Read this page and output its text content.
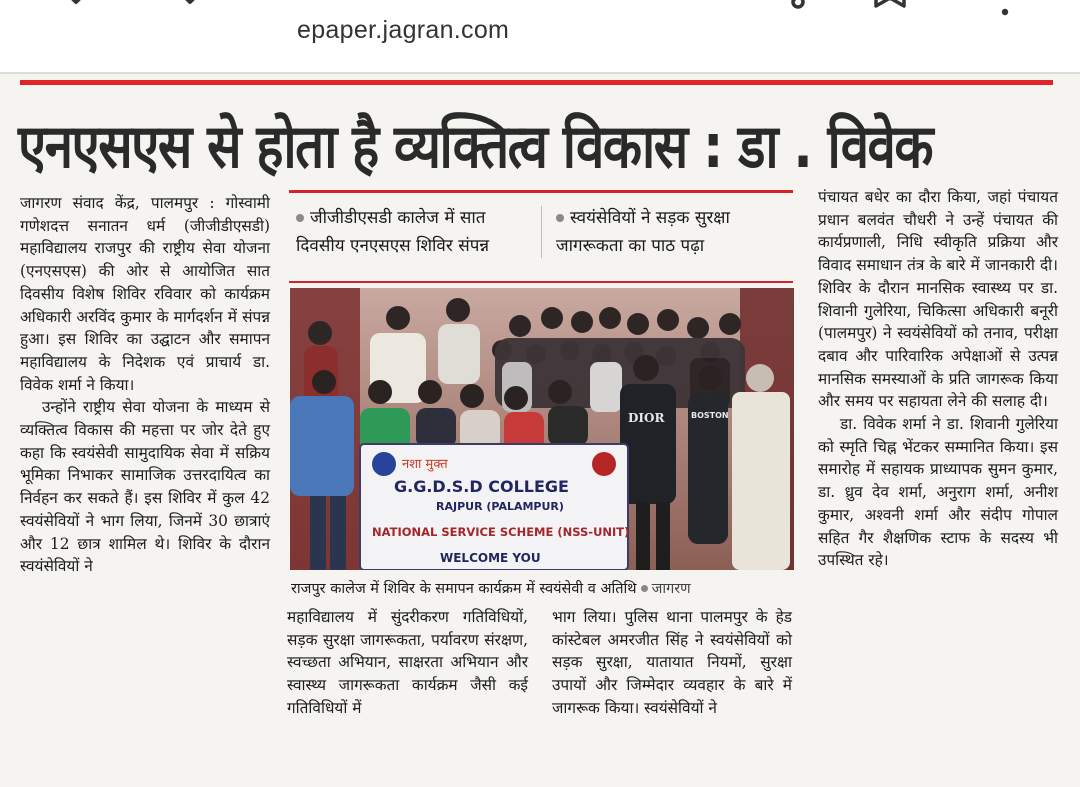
epaper.jagran.com
एनएसएस से होता है व्यक्तित्व विकास : डा . विवेक

जागरण संवाद केंद्र, पालमपुर : गोस्वामी गणेशदत्त सनातन धर्म (जीजीडीएसडी) महाविद्यालय राजपुर की राष्ट्रीय सेवा योजना (एनएसएस) की ओर से आयोजित सात दिवसीय विशेष शिविर रविवार को कार्यक्रम अधिकारी अरविंद कुमार के मार्गदर्शन में संपन्न हुआ। इस शिविर का उद्घाटन और समापन महाविद्यालय के निदेशक एवं प्राचार्य डा. विवेक शर्मा ने किया।

उन्होंने राष्ट्रीय सेवा योजना के माध्यम से व्यक्तित्व विकास की महत्ता पर जोर देते हुए कहा कि स्वयंसेवी सामुदायिक सेवा में सक्रिय भूमिका निभाकर सामाजिक उत्तरदायित्व का निर्वहन कर सकते हैं। इस शिविर में कुल 42 स्वयंसेवियों ने भाग लिया, जिनमें 30 छात्राएं और 12 छात्र शामिल थे। शिविर के दौरान स्वयंसेवियों ने

जीजीडीएसडी कालेज में सात दिवसीय एनएसएस शिविर संपन्न
स्वयंसेवियों ने सड़क सुरक्षा जागरूकता का पाठ पढ़ा
DIOR	BOSTON
नशा मुक्त
G.G.D.S.D COLLEGE
RAJPUR (PALAMPUR)
NATIONAL SERVICE SCHEME (NSS-UNIT)
WELCOME YOU
राजपुर कालेज में शिविर के समापन कार्यक्रम में स्वयंसेवी व अतिथि जागरण

महाविद्यालय में सुंदरीकरण गतिविधियों, सड़क सुरक्षा जागरूकता, पर्यावरण संरक्षण, स्वच्छता अभियान, साक्षरता अभियान और स्वास्थ्य जागरूकता कार्यक्रम जैसी कई गतिविधियों में

भाग लिया। पुलिस थाना पालमपुर के हेड कांस्टेबल अमरजीत सिंह ने स्वयंसेवियों को सड़क सुरक्षा, यातायात नियमों, सुरक्षा उपायों और जिम्मेदार व्यवहार के बारे में जागरूक किया। स्वयंसेवियों ने

पंचायत बधेर का दौरा किया, जहां पंचायत प्रधान बलवंत चौधरी ने उन्हें पंचायत की कार्यप्रणाली, निधि स्वीकृति प्रक्रिया और विवाद समाधान तंत्र के बारे में जानकारी दी। शिविर के दौरान मानसिक स्वास्थ्य पर डा. शिवानी गुलेरिया, चिकित्सा अधिकारी बनूरी (पालमपुर) ने स्वयंसेवियों को तनाव, परीक्षा दबाव और पारिवारिक अपेक्षाओं से उत्पन्न मानसिक समस्याओं के प्रति जागरूक किया और समय पर सहायता लेने की सलाह दी।

डा. विवेक शर्मा ने डा. शिवानी गुलेरिया को स्मृति चिह्न भेंटकर सम्मानित किया। इस समारोह में सहायक प्राध्यापक सुमन कुमार, डा. ध्रुव देव शर्मा, अनुराग शर्मा, अनीश कुमार, अश्वनी शर्मा और संदीप गोपाल सहित गैर शैक्षणिक स्टाफ के सदस्य भी उपस्थित रहे।
